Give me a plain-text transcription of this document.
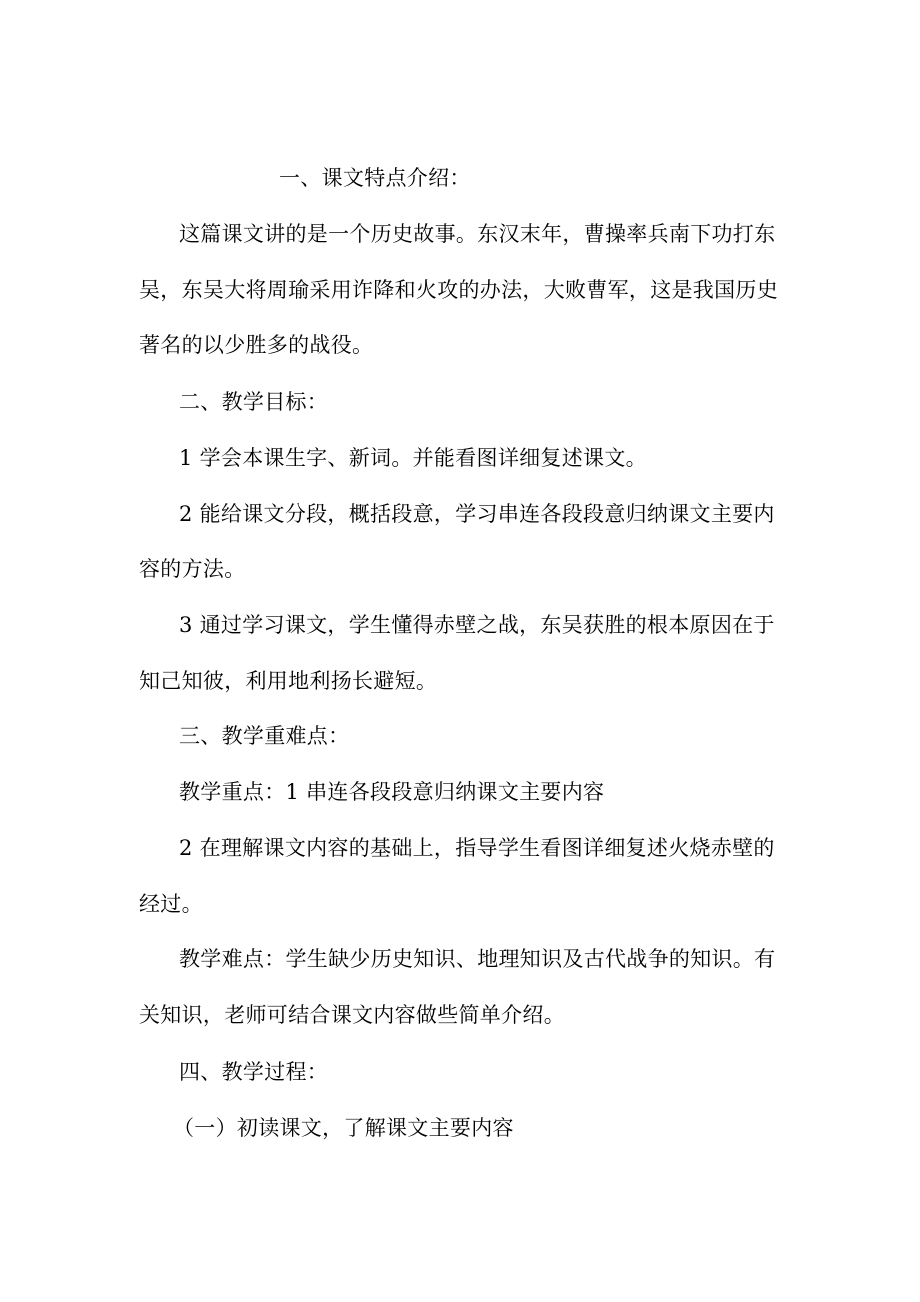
一、课文特点介绍：
这篇课文讲的是一个历史故事。东汉末年，曹操率兵南下功打东
吴，东吴大将周瑜采用诈降和火攻的办法，大败曹军，这是我国历史
著名的以少胜多的战役。
二、教学目标：
1 学会本课生字、新词。并能看图详细复述课文。
2 能给课文分段，概括段意，学习串连各段段意归纳课文主要内
容的方法。
3 通过学习课文，学生懂得赤壁之战，东吴获胜的根本原因在于
知己知彼，利用地利扬长避短。
三、教学重难点：
教学重点：1 串连各段段意归纳课文主要内容
2 在理解课文内容的基础上，指导学生看图详细复述火烧赤壁的
经过。
教学难点：学生缺少历史知识、地理知识及古代战争的知识。有
关知识，老师可结合课文内容做些简单介绍。
四、教学过程：
（一）初读课文，了解课文主要内容
